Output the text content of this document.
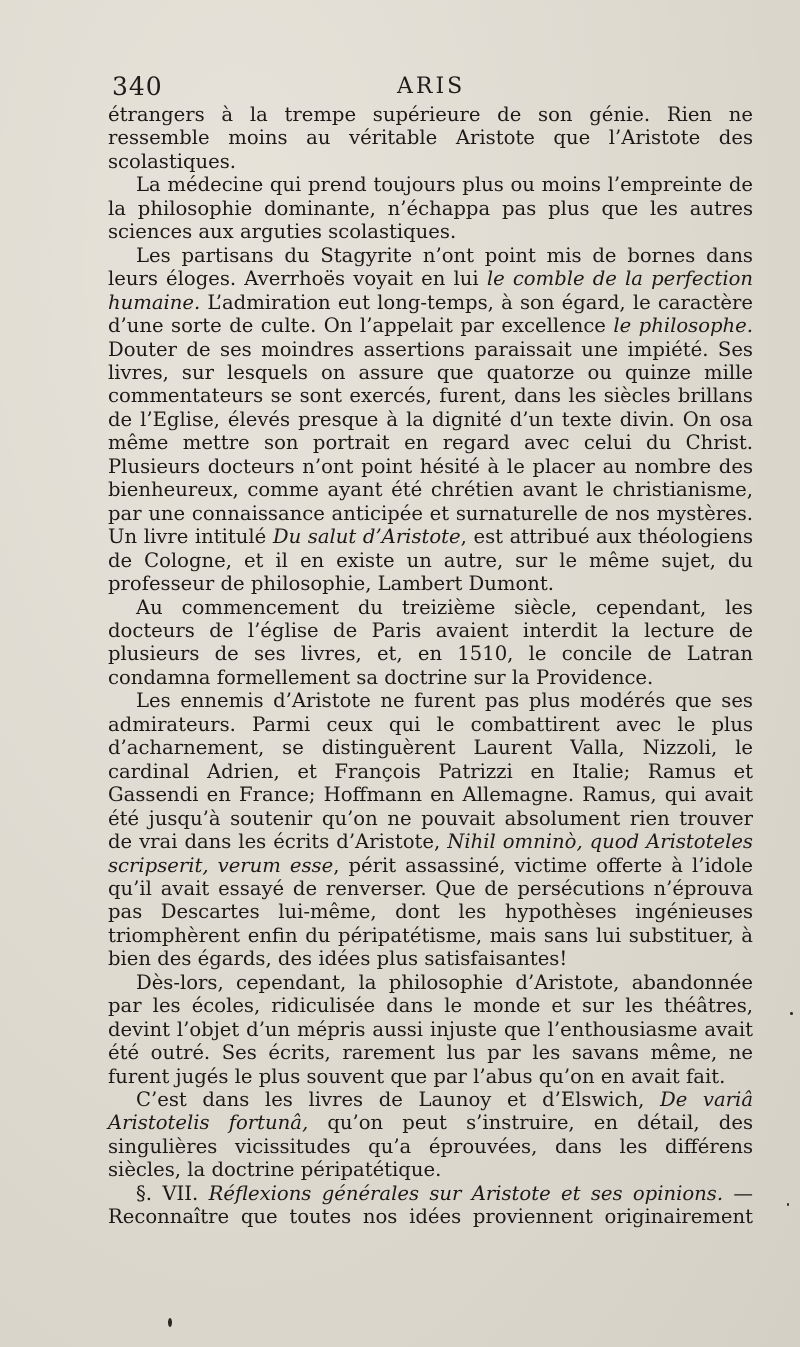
340	ARIS

étrangers à la trempe supérieure de son génie. Rien ne ressemble moins au véritable Aristote que l’Aristote des scolastiques.

La médecine qui prend toujours plus ou moins l’empreinte de la philosophie dominante, n’échappa pas plus que les autres sciences aux arguties scolastiques.

Les partisans du Stagyrite n’ont point mis de bornes dans leurs éloges. Averrhoës voyait en lui le comble de la perfection humaine. L’admiration eut long-temps, à son égard, le caractère d’une sorte de culte. On l’appelait par excellence le philosophe. Douter de ses moindres assertions paraissait une impiété. Ses livres, sur lesquels on assure que quatorze ou quinze mille commentateurs se sont exercés, furent, dans les siècles brillans de l’Eglise, élevés presque à la dignité d’un texte divin. On osa même mettre son portrait en regard avec celui du Christ. Plusieurs docteurs n’ont point hésité à le placer au nombre des bienheureux, comme ayant été chrétien avant le christianisme, par une connaissance anticipée et surnaturelle de nos mystères. Un livre intitulé Du salut d’Aristote, est attribué aux théologiens de Cologne, et il en existe un autre, sur le même sujet, du professeur de philosophie, Lambert Dumont.

Au commencement du treizième siècle, cependant, les docteurs de l’église de Paris avaient interdit la lecture de plusieurs de ses livres, et, en 1510, le concile de Latran condamna formellement sa doctrine sur la Providence.

Les ennemis d’Aristote ne furent pas plus modérés que ses admirateurs. Parmi ceux qui le combattirent avec le plus d’acharnement, se distinguèrent Laurent Valla, Nizzoli, le cardinal Adrien, et François Patrizzi en Italie; Ramus et Gassendi en France; Hoffmann en Allemagne. Ramus, qui avait été jusqu’à soutenir qu’on ne pouvait absolument rien trouver de vrai dans les écrits d’Aristote, Nihil omninò, quod Aristoteles scripserit, verum esse, périt assassiné, victime offerte à l’idole qu’il avait essayé de renverser. Que de persécutions n’éprouva pas Descartes lui-même, dont les hypothèses ingénieuses triomphèrent enfin du péripatétisme, mais sans lui substituer, à bien des égards, des idées plus satisfaisantes!

Dès-lors, cependant, la philosophie d’Aristote, abandonnée par les écoles, ridiculisée dans le monde et sur les théâtres, devint l’objet d’un mépris aussi injuste que l’enthousiasme avait été outré. Ses écrits, rarement lus par les savans même, ne furent jugés le plus souvent que par l’abus qu’on en avait fait.

C’est dans les livres de Launoy et d’Elswich, De variâ Aristotelis fortunâ, qu’on peut s’instruire, en détail, des singulières vicissitudes qu’a éprouvées, dans les différens siècles, la doctrine péripatétique.

§. VII. Réflexions générales sur Aristote et ses opinions. — Reconnaître que toutes nos idées proviennent originairement
